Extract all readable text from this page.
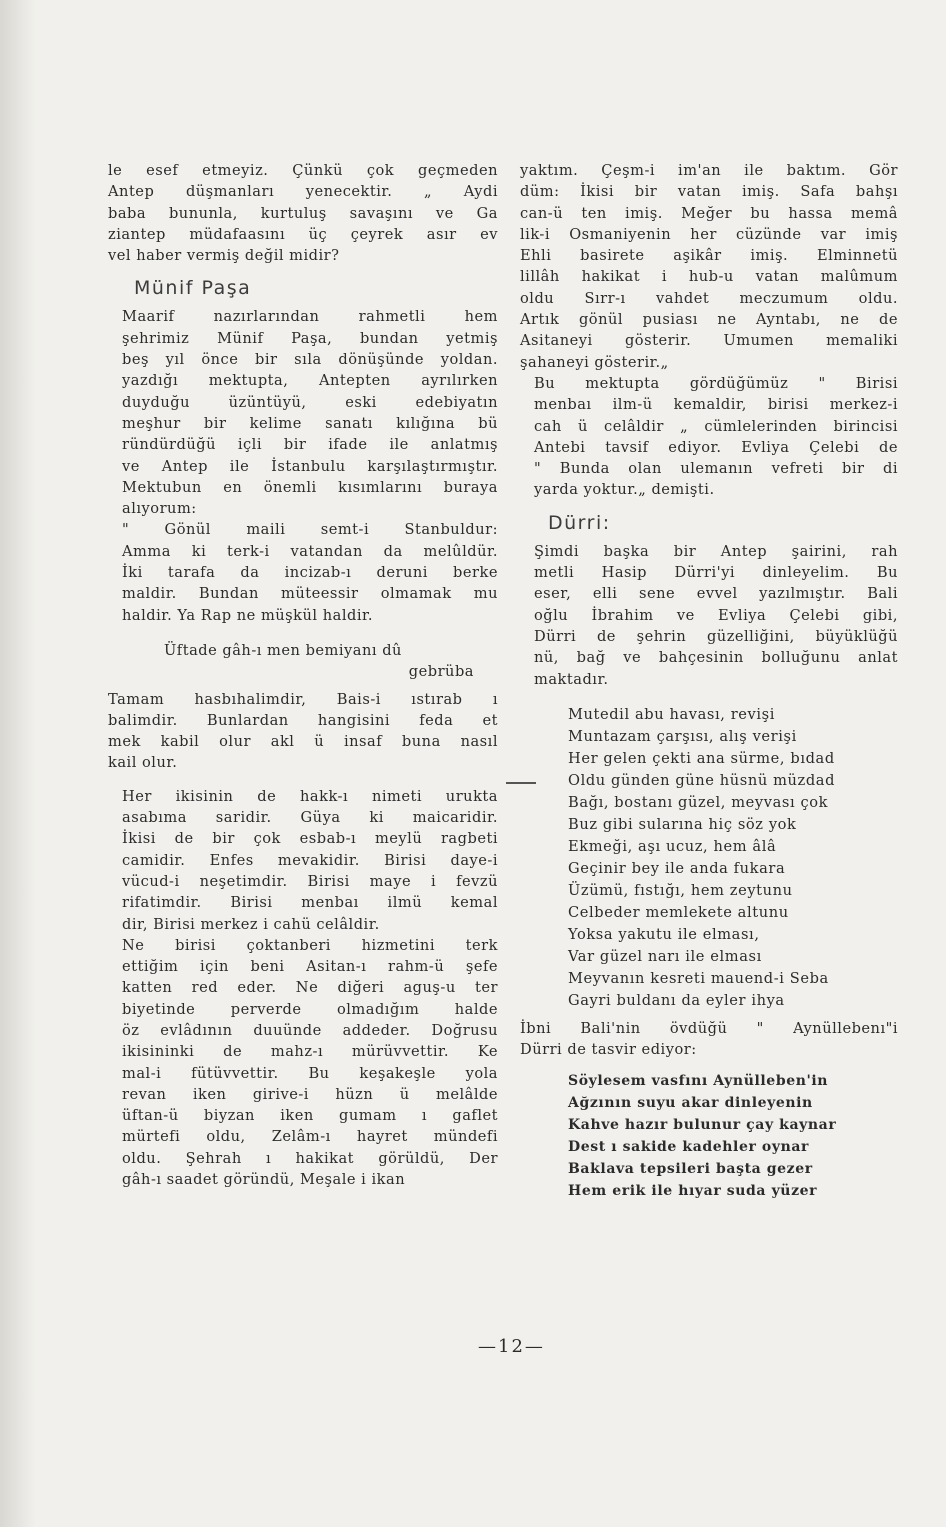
le esef etmeyiz. Çünkü çok geçmeden
Antep düşmanları yenecektir. „ Aydi
baba bununla, kurtuluş savaşını ve Ga
ziantep müdafaasını üç çeyrek asır ev
vel haber vermiş değil midir?

Münif Paşa

Maarif nazırlarından rahmetli hem
şehrimiz Münif Paşa, bundan yetmiş
beş yıl önce bir sıla dönüşünde yoldan.
yazdığı mektupta, Antepten ayrılırken
duyduğu üzüntüyü, eski edebiyatın
meşhur bir kelime sanatı kılığına bü
ründürdüğü içli bir ifade ile anlatmış
ve Antep ile İstanbulu karşılaştırmıştır.
Mektubun en önemli kısımlarını buraya
alıyorum:

" Gönül maili semt-i Stanbuldur:
Amma ki terk-i vatandan da melûldür.
İki tarafa da incizab-ı deruni berke
maldir. Bundan müteessir olmamak mu
haldir. Ya Rap ne müşkül haldir.

Üftade gâh-ı men bemiyanı dû
gebrüba

Tamam hasbıhalimdir, Bais-i ıstırab ı
balimdir. Bunlardan hangisini feda et
mek kabil olur akl ü insaf buna nasıl
kail olur.

Her ikisinin de hakk-ı nimeti urukta
asabıma saridir. Güya ki maicaridir.
İkisi de bir çok esbab-ı meylü ragbeti
camidir. Enfes mevakidir. Birisi daye-i
vücud-i neşetimdir. Birisi maye i fevzü
rifatimdir. Birisi menbaı ilmü kemal
dir, Birisi merkez i cahü celâldir.

Ne birisi çoktanberi hizmetini terk
ettiğim için beni Asitan-ı rahm-ü şefe
katten red eder. Ne diğeri aguş-u ter
biyetinde perverde olmadığım halde
öz evlâdının duuünde addeder. Doğrusu
ikisininki de mahz-ı mürüvvettir. Ke
mal-i fütüvvettir. Bu keşakeşle yola
revan iken girive-i hüzn ü melâlde
üftan-ü biyzan iken gumam ı gaflet
mürtefi oldu, Zelâm-ı hayret mündefi
oldu. Şehrah ı hakikat görüldü, Der
gâh-ı saadet göründü, Meşale i ikan

yaktım. Çeşm-i im'an ile baktım. Gör
düm: İkisi bir vatan imiş. Safa bahşı
can-ü ten imiş. Meğer bu hassa memâ
lik-i Osmaniyenin her cüzünde var imiş
Ehli basirete aşikâr imiş. Elminnetü
lillâh hakikat i hub-u vatan malûmum
oldu Sırr-ı vahdet meczumum oldu.
Artık gönül pusiası ne Ayntabı, ne de
Asitaneyi gösterir. Umumen memaliki
şahaneyi gösterir.„

Bu mektupta gördüğümüz " Birisi
menbaı ilm-ü kemaldir, birisi merkez-i
cah ü celâldir „ cümlelerinden birincisi
Antebi tavsif ediyor. Evliya Çelebi de
" Bunda olan ulemanın vefreti bir di
yarda yoktur.„ demişti.

Dürri:

Şimdi başka bir Antep şairini, rah
metli Hasip Dürri'yi dinleyelim. Bu
eser, elli sene evvel yazılmıştır. Bali
oğlu İbrahim ve Evliya Çelebi gibi,
Dürri de şehrin güzelliğini, büyüklüğü
nü, bağ ve bahçesinin bolluğunu anlat
maktadır.

Mutedil abu havası, revişi
Muntazam çarşısı, alış verişi
Her gelen çekti ana sürme, bıdad
Oldu günden güne hüsnü müzdad
Bağı, bostanı güzel, meyvası çok
Buz gibi sularına hiç söz yok
Ekmeği, aşı ucuz, hem âlâ
Geçinir bey ile anda fukara
Üzümü, fıstığı, hem zeytunu
Celbeder memlekete altunu
Yoksa yakutu ile elması,
Var güzel narı ile elması
Meyvanın kesreti mauend-i Seba
Gayri buldanı da eyler ihya

İbni Bali'nin övdüğü " Aynüllebenı"i
Dürri de tasvir ediyor:

Söylesem vasfını Aynülleben'in
Ağzının suyu akar dinleyenin
Kahve hazır bulunur çay kaynar
Dest ı sakide kadehler oynar
Baklava tepsileri başta gezer
Hem erik ile hıyar suda yüzer
—12—
